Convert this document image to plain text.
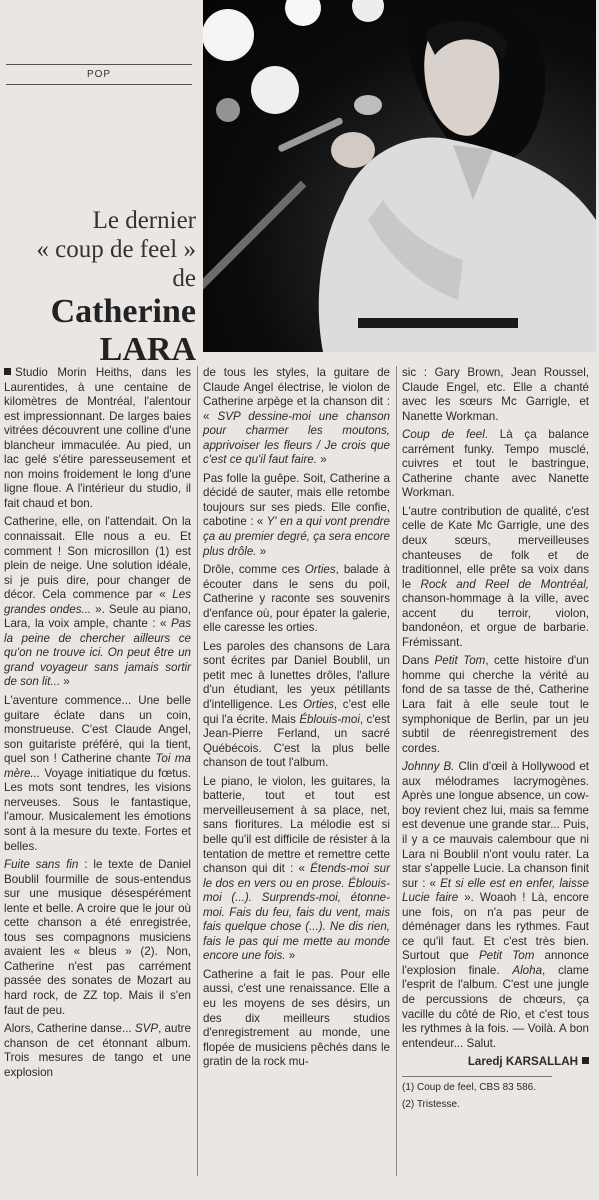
POP
Le dernier
« coup de feel »
de
Catherine
LARA

Studio Morin Heiths, dans les Laurentides, à une centaine de kilomètres de Montréal, l'alentour est impressionnant. De larges baies vitrées découvrent une colline d'une blancheur immaculée. Au pied, un lac gelé s'étire paresseusement et non moins froidement le long d'une ligne floue. A l'intérieur du studio, il fait chaud et bon.

Catherine, elle, on l'attendait. On la connaissait. Elle nous a eu. Et comment ! Son microsillon (1) est plein de neige. Une solution idéale, si je puis dire, pour changer de décor. Cela commence par « Les grandes ondes... ». Seule au piano, Lara, la voix ample, chante : « Pas la peine de chercher ailleurs ce qu'on ne trouve ici. On peut être un grand voyageur sans jamais sortir de son lit... »

L'aventure commence... Une belle guitare éclate dans un coin, monstrueuse. C'est Claude Angel, son guitariste préféré, qui la tient, quel son ! Catherine chante Toi ma mère... Voyage initiatique du fœtus. Les mots sont tendres, les visions nerveuses. Sous le fantastique, l'amour. Musicalement les émotions sont à la mesure du texte. Fortes et belles.

Fuite sans fin : le texte de Daniel Boublil fourmille de sous-entendus sur une musique désespérément lente et belle. A croire que le jour où cette chanson a été enregistrée, tous ses compagnons musiciens avaient les « bleus » (2). Non, Catherine n'est pas carrément passée des sonates de Mozart au hard rock, de ZZ top. Mais il s'en faut de peu.

Alors, Catherine danse... SVP, autre chanson de cet étonnant album. Trois mesures de tango et une explosion

de tous les styles, la guitare de Claude Angel électrise, le violon de Catherine arpège et la chanson dit : « SVP dessine-moi une chanson pour charmer les moutons, apprivoiser les fleurs / Je crois que c'est ce qu'il faut faire. »

Pas folle la guêpe. Soit, Catherine a décidé de sauter, mais elle retombe toujours sur ses pieds. Elle confie, cabotine : « Y' en a qui vont prendre ça au premier degré, ça sera encore plus drôle. »

Drôle, comme ces Orties, balade à écouter dans le sens du poil, Catherine y raconte ses souvenirs d'enfance où, pour épater la galerie, elle caresse les orties.

Les paroles des chansons de Lara sont écrites par Daniel Boublil, un petit mec à lunettes drôles, l'allure d'un étudiant, les yeux pétillants d'intelligence. Les Orties, c'est elle qui l'a écrite. Mais Éblouis-moi, c'est Jean-Pierre Ferland, un sacré Québécois. C'est la plus belle chanson de tout l'album.

Le piano, le violon, les guitares, la batterie, tout et tout est merveilleusement à sa place, net, sans fioritures. La mélodie est si belle qu'il est difficile de résister à la tentation de mettre et remettre cette chanson qui dit : « Étends-moi sur le dos en vers ou en prose. Éblouis-moi (...). Surprends-moi, étonne-moi. Fais du feu, fais du vent, mais fais quelque chose (...). Ne dis rien, fais le pas qui me mette au monde encore une fois. »

Catherine a fait le pas. Pour elle aussi, c'est une renaissance. Elle a eu les moyens de ses désirs, un des dix meilleurs studios d'enregistrement au monde, une flopée de musiciens pêchés dans le gratin de la rock mu-

sic : Gary Brown, Jean Roussel, Claude Engel, etc. Elle a chanté avec les sœurs Mc Garrigle, et Nanette Workman.

Coup de feel. Là ça balance carrément funky. Tempo musclé, cuivres et tout le bastringue, Catherine chante avec Nanette Workman.

L'autre contribution de qualité, c'est celle de Kate Mc Garrigle, une des deux sœurs, merveilleuses chanteuses de folk et de traditionnel, elle prête sa voix dans le Rock and Reel de Montréal, chanson-hommage à la ville, avec accent du terroir, violon, bandonéon, et orgue de barbarie. Frémissant.

Dans Petit Tom, cette histoire d'un homme qui cherche la vérité au fond de sa tasse de thé, Catherine Lara fait à elle seule tout le symphonique de Berlin, par un jeu subtil de réenregistrement des cordes.

Johnny B. Clin d'œil à Hollywood et aux mélodrames lacrymogènes. Après une longue absence, un cow-boy revient chez lui, mais sa femme est devenue une grande star... Puis, il y a ce mauvais calembour que ni Lara ni Boublil n'ont voulu rater. La star s'appelle Lucie. La chanson finit sur : « Et si elle est en enfer, laisse Lucie faire ». Woaoh ! Là, encore une fois, on n'a pas peur de déménager dans les rythmes. Faut ce qu'il faut. Et c'est très bien. Surtout que Petit Tom annonce l'explosion finale. Aloha, clame l'esprit de l'album. C'est une jungle de percussions de chœurs, ça vacille du côté de Rio, et c'est tous les rythmes à la fois. — Voilà. A bon entendeur... Salut.

Laredj KARSALLAH

(1) Coup de feel, CBS 83 586.

(2) Tristesse.
